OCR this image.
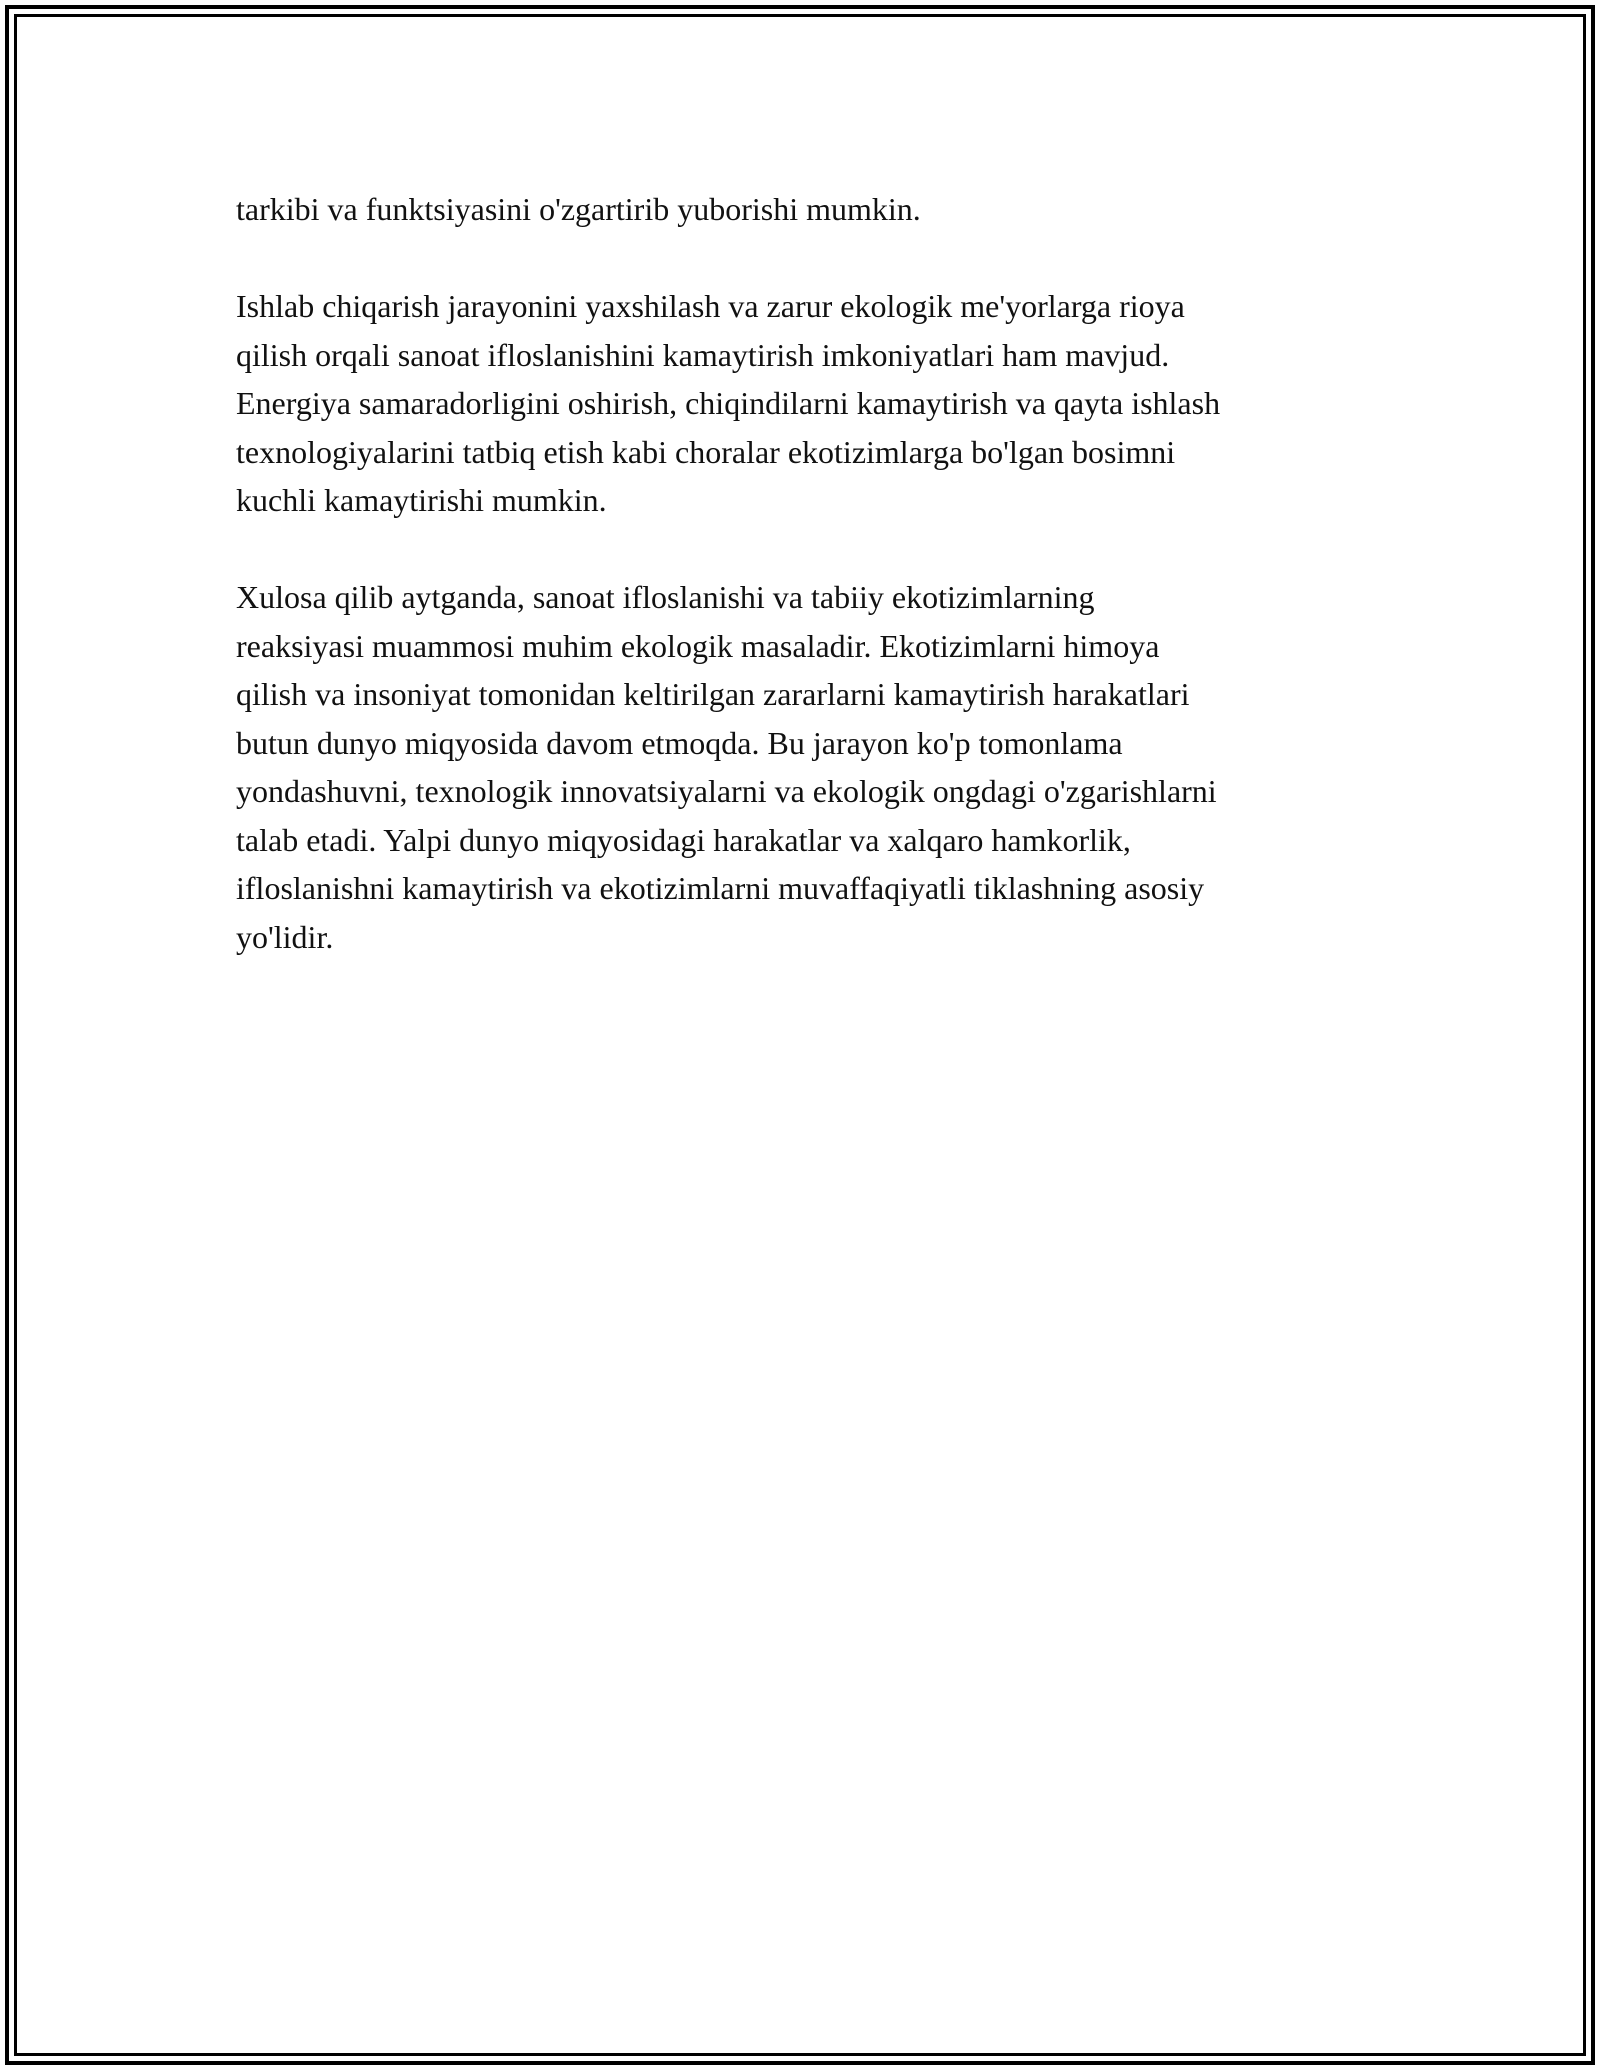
tarkibi va funktsiyasini o'zgartirib yuborishi mumkin.

Ishlab chiqarish jarayonini yaxshilash va zarur ekologik me'yorlarga rioya
qilish orqali sanoat ifloslanishini kamaytirish imkoniyatlari ham mavjud.
Energiya samaradorligini oshirish, chiqindilarni kamaytirish va qayta ishlash
texnologiyalarini tatbiq etish kabi choralar ekotizimlarga bo'lgan bosimni
kuchli kamaytirishi mumkin.

Xulosa qilib aytganda, sanoat ifloslanishi va tabiiy ekotizimlarning
reaksiyasi muammosi muhim ekologik masaladir. Ekotizimlarni himoya
qilish va insoniyat tomonidan keltirilgan zararlarni kamaytirish harakatlari
butun dunyo miqyosida davom etmoqda. Bu jarayon ko'p tomonlama
yondashuvni, texnologik innovatsiyalarni va ekologik ongdagi o'zgarishlarni
talab etadi. Yalpi dunyo miqyosidagi harakatlar va xalqaro hamkorlik,
ifloslanishni kamaytirish va ekotizimlarni muvaffaqiyatli tiklashning asosiy
yo'lidir.
